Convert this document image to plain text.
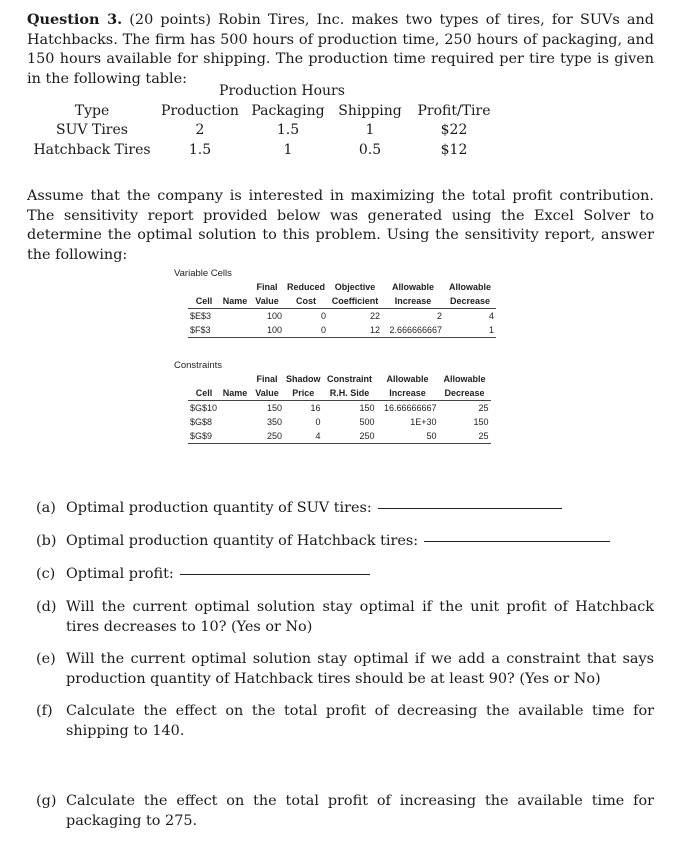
Question 3. (20 points) Robin Tires, Inc. makes two types of tires, for SUVs and Hatchbacks. The firm has 500 hours of production time, 250 hours of packaging, and 150 hours available for shipping. The production time required per tire type is given in the following table:

	Production Hours			
Type	Production	Packaging	Shipping	Profit/Tire
SUV Tires	2	1.5	1	$22
Hatchback Tires	1.5	1	0.5	$12

Assume that the company is interested in maximizing the total profit contribution. The sensitivity report provided below was generated using the Excel Solver to determine the optimal solution to this problem. Using the sensitivity report, answer the following:

Variable Cells
		Final	Reduced	Objective	Allowable	Allowable
Cell	Name	Value	Cost	Coefficient	Increase	Decrease
$E$3		100	0	22	2	4
$F$3		100	0	12	2.666666667	1
Constraints
		Final	Shadow	Constraint	Allowable	Allowable
Cell	Name	Value	Price	R.H. Side	Increase	Decrease
$G$10		150	16	150	16.66666667	25
$G$8		350	0	500	1E+30	150
$G$9		250	4	250	50	25
(a) Optimal production quantity of SUV tires:
(b) Optimal production quantity of Hatchback tires:
(c) Optimal profit:
(d) Will the current optimal solution stay optimal if the unit profit of Hatchback tires decreases to 10? (Yes or No)
(e) Will the current optimal solution stay optimal if we add a constraint that says production quantity of Hatchback tires should be at least 90? (Yes or No)
(f) Calculate the effect on the total profit of decreasing the available time for shipping to 140.
(g) Calculate the effect on the total profit of increasing the available time for packaging to 275.
